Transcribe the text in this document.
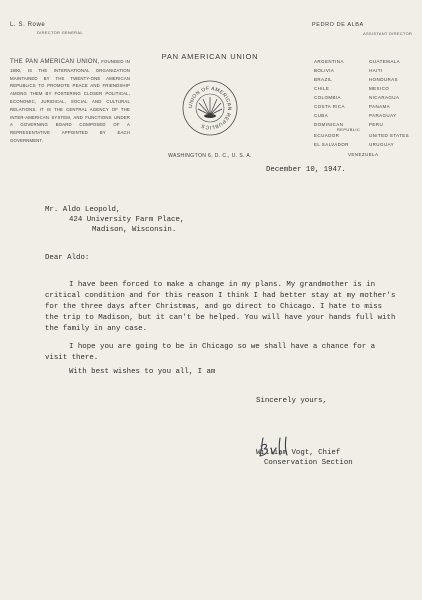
L. S. Rowe
DIRECTOR GENERAL
THE PAN AMERICAN UNION, FOUNDED IN 1890, IS THE INTERNATIONAL ORGANIZATION MAINTAINED BY THE TWENTY-ONE AMERICAN REPUBLICS TO PROMOTE PEACE AND FRIENDSHIP AMONG THEM BY FOSTERING CLOSER POLITICAL, ECONOMIC, JURIDICAL, SOCIAL AND CULTURAL RELATIONS. IT IS THE CENTRAL AGENCY OF THE INTER-AMERICAN SYSTEM, AND FUNCTIONS UNDER A GOVERNING BOARD COMPOSED OF A REPRESENTATIVE APPOINTED BY EACH GOVERNMENT.
PAN AMERICAN UNION
UNION OF AMERICAN REPUBLICS
WASHINGTON 6, D. C., U. S. A.
PEDRO DE ALBA
ASSISTANT DIRECTOR
ARGENTINA
BOLIVIA
BRAZIL
CHILE
COLOMBIA
COSTA RICA
CUBA
DOMINICAN
REPUBLIC
ECUADOR
EL SALVADOR
GUATEMALA
HAITI
HONDURAS
MEXICO
NICARAGUA
PANAMA
PARAGUAY
PERU
UNITED STATES
URUGUAY
VENEZUELA
December 10, 1947.
Mr. Aldo Leopold,
424 University Farm Place,
Madison, Wisconsin.
Dear Aldo:
I have been forced to make a change in my plans. My grandmother is in critical condition and for this reason I think I had better stay at my mother's for the three days after Christmas, and go direct to Chicago. I hate to miss the trip to Madison, but it can't be helped. You will have your hands full with the family in any case.
I hope you are going to be in Chicago so we shall have a chance for a visit there.
With best wishes to you all, I am
Sincerely yours,
William Vogt, Chief
Conservation Section
